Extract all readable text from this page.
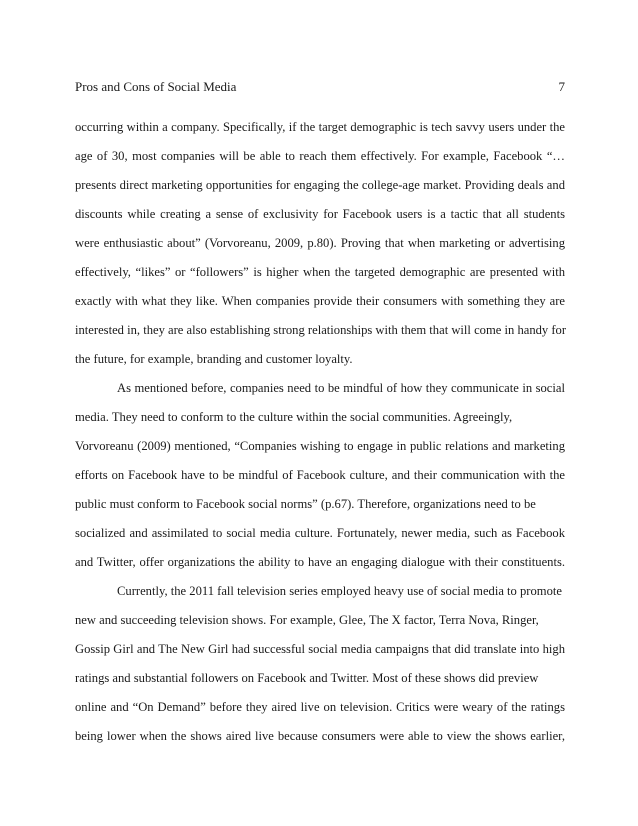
Pros and Cons of Social Media	7
occurring within a company. Specifically, if the target demographic is tech savvy users under the
age of 30, most companies will be able to reach them effectively. For example, Facebook “…
presents direct marketing opportunities for engaging the college-age market. Providing deals and
discounts while creating a sense of exclusivity for Facebook users is a tactic that all students
were enthusiastic about” (Vorvoreanu, 2009, p.80). Proving that when marketing or advertising
effectively, “likes” or “followers” is higher when the targeted demographic are presented with
exactly with what they like. When companies provide their consumers with something they are
interested in, they are also establishing strong relationships with them that will come in handy for
the future, for example, branding and customer loyalty.
As mentioned before, companies need to be mindful of how they communicate in social
media. They need to conform to the culture within the social communities. Agreeingly,
Vorvoreanu (2009) mentioned, “Companies wishing to engage in public relations and marketing
efforts on Facebook have to be mindful of Facebook culture, and their communication with the
public must conform to Facebook social norms” (p.67). Therefore, organizations need to be
socialized and assimilated to social media culture. Fortunately, newer media, such as Facebook
and Twitter, offer organizations the ability to have an engaging dialogue with their constituents.
Currently, the 2011 fall television series employed heavy use of social media to promote
new and succeeding television shows. For example, Glee, The X factor, Terra Nova, Ringer,
Gossip Girl and The New Girl had successful social media campaigns that did translate into high
ratings and substantial followers on Facebook and Twitter. Most of these shows did preview
online and “On Demand” before they aired live on television. Critics were weary of the ratings
being lower when the shows aired live because consumers were able to view the shows earlier,
